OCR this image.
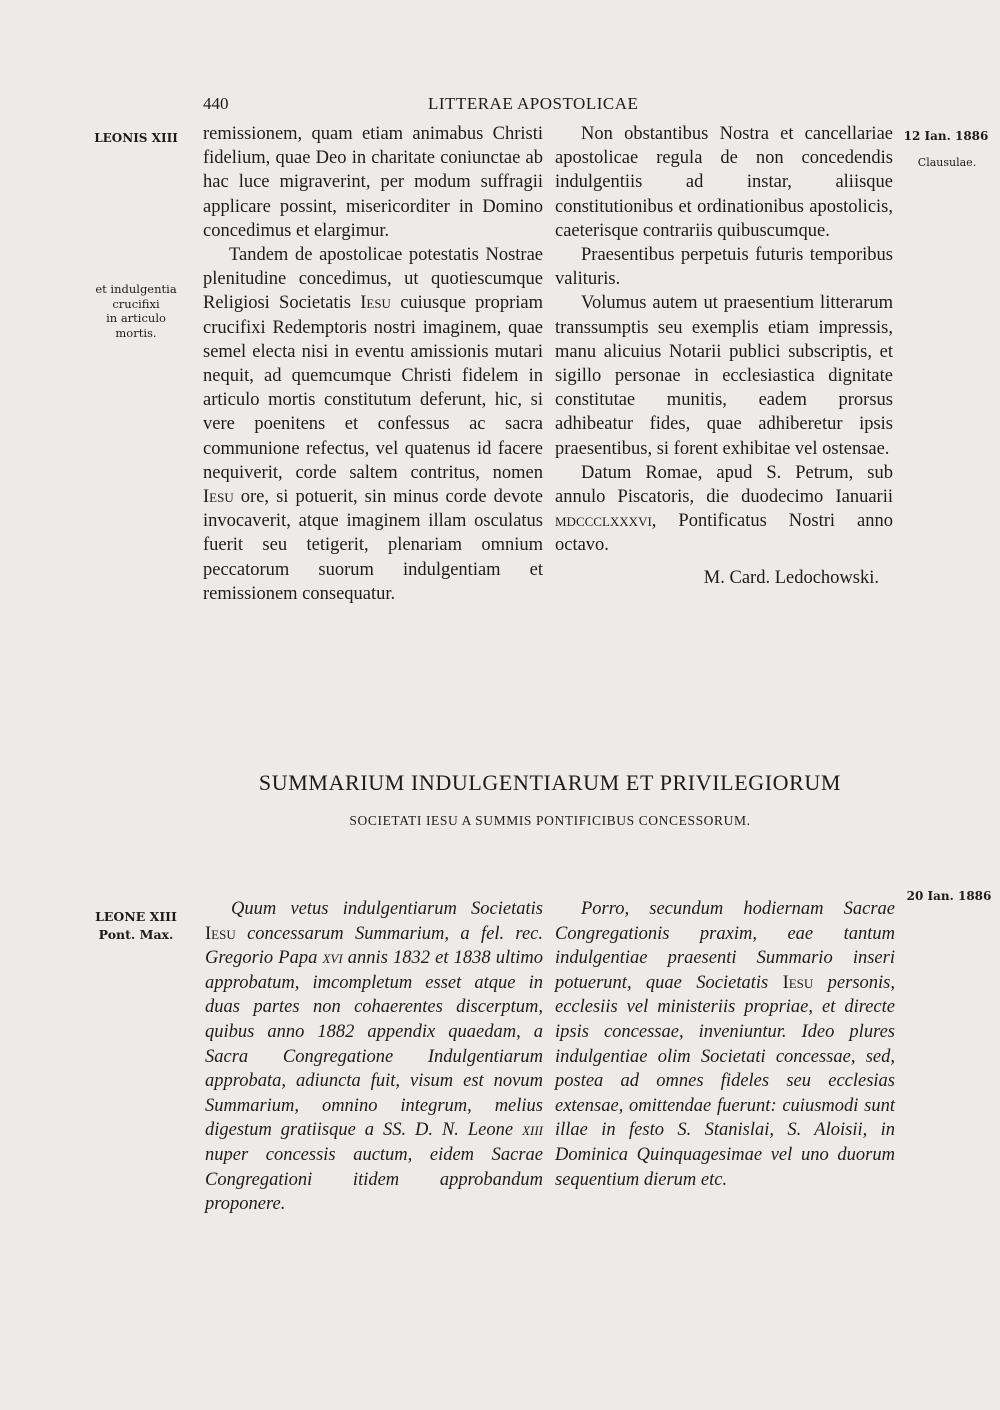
440	LITTERAE APOSTOLICAE
LEONIS XIII	12 Ian. 1886
Clausulae.
et indulgentia
crucifixi
in articulo
mortis.
LEONE XIII
Pont. Max.
20 Ian. 1886

remissionem, quam etiam animabus Christi fidelium, quae Deo in charitate coniunctae ab hac luce migraverint, per modum suffragii applicare possint, misericorditer in Domino concedimus et elargimur.

Tandem de apostolicae potestatis Nostrae plenitudine concedimus, ut quotiescumque Religiosi Societatis Iesu cuiusque propriam crucifixi Redemptoris nostri imaginem, quae semel electa nisi in eventu amissionis mutari nequit, ad quemcumque Christi fidelem in articulo mortis constitutum deferunt, hic, si vere poenitens et confessus ac sacra communione refectus, vel quatenus id facere nequiverit, corde saltem contritus, nomen Iesu ore, si potuerit, sin minus corde devote invocaverit, atque imaginem illam osculatus fuerit seu tetigerit, plenariam omnium peccatorum suorum indulgentiam et remissionem consequatur.

Non obstantibus Nostra et cancellariae apostolicae regula de non concedendis indulgentiis ad instar, aliisque constitutionibus et ordinationibus apostolicis, caeterisque contrariis quibuscumque.

Praesentibus perpetuis futuris temporibus valituris.

Volumus autem ut praesentium litterarum transsumptis seu exemplis etiam impressis, manu alicuius Notarii publici subscriptis, et sigillo personae in ecclesiastica dignitate constitutae munitis, eadem prorsus adhibeatur fides, quae adhiberetur ipsis praesentibus, si forent exhibitae vel ostensae.

Datum Romae, apud S. Petrum, sub annulo Piscatoris, die duodecimo Ianuarii mdccclxxxvi, Pontificatus Nostri anno octavo.

M. Card. Ledochowski.

SUMMARIUM INDULGENTIARUM ET PRIVILEGIORUM
SOCIETATI IESU A SUMMIS PONTIFICIBUS CONCESSORUM.

Quum vetus indulgentiarum Societatis Iesu concessarum Summarium, a fel. rec. Gregorio Papa xvi annis 1832 et 1838 ultimo approbatum, imcompletum esset atque in duas partes non cohaerentes discerptum, quibus anno 1882 appendix quaedam, a Sacra Congregatione Indulgentiarum approbata, adiuncta fuit, visum est novum Summarium, omnino integrum, melius digestum gratiisque a SS. D. N. Leone xiii nuper concessis auctum, eidem Sacrae Congregationi itidem approbandum proponere.

Porro, secundum hodiernam Sacrae Congregationis praxim, eae tantum indulgentiae praesenti Summario inseri potuerunt, quae Societatis Iesu personis, ecclesiis vel ministeriis propriae, et directe ipsis concessae, inveniuntur. Ideo plures indulgentiae olim Societati concessae, sed, postea ad omnes fideles seu ecclesias extensae, omittendae fuerunt: cuiusmodi sunt illae in festo S. Stanislai, S. Aloisii, in Dominica Quinquagesimae vel uno duorum sequentium dierum etc.
